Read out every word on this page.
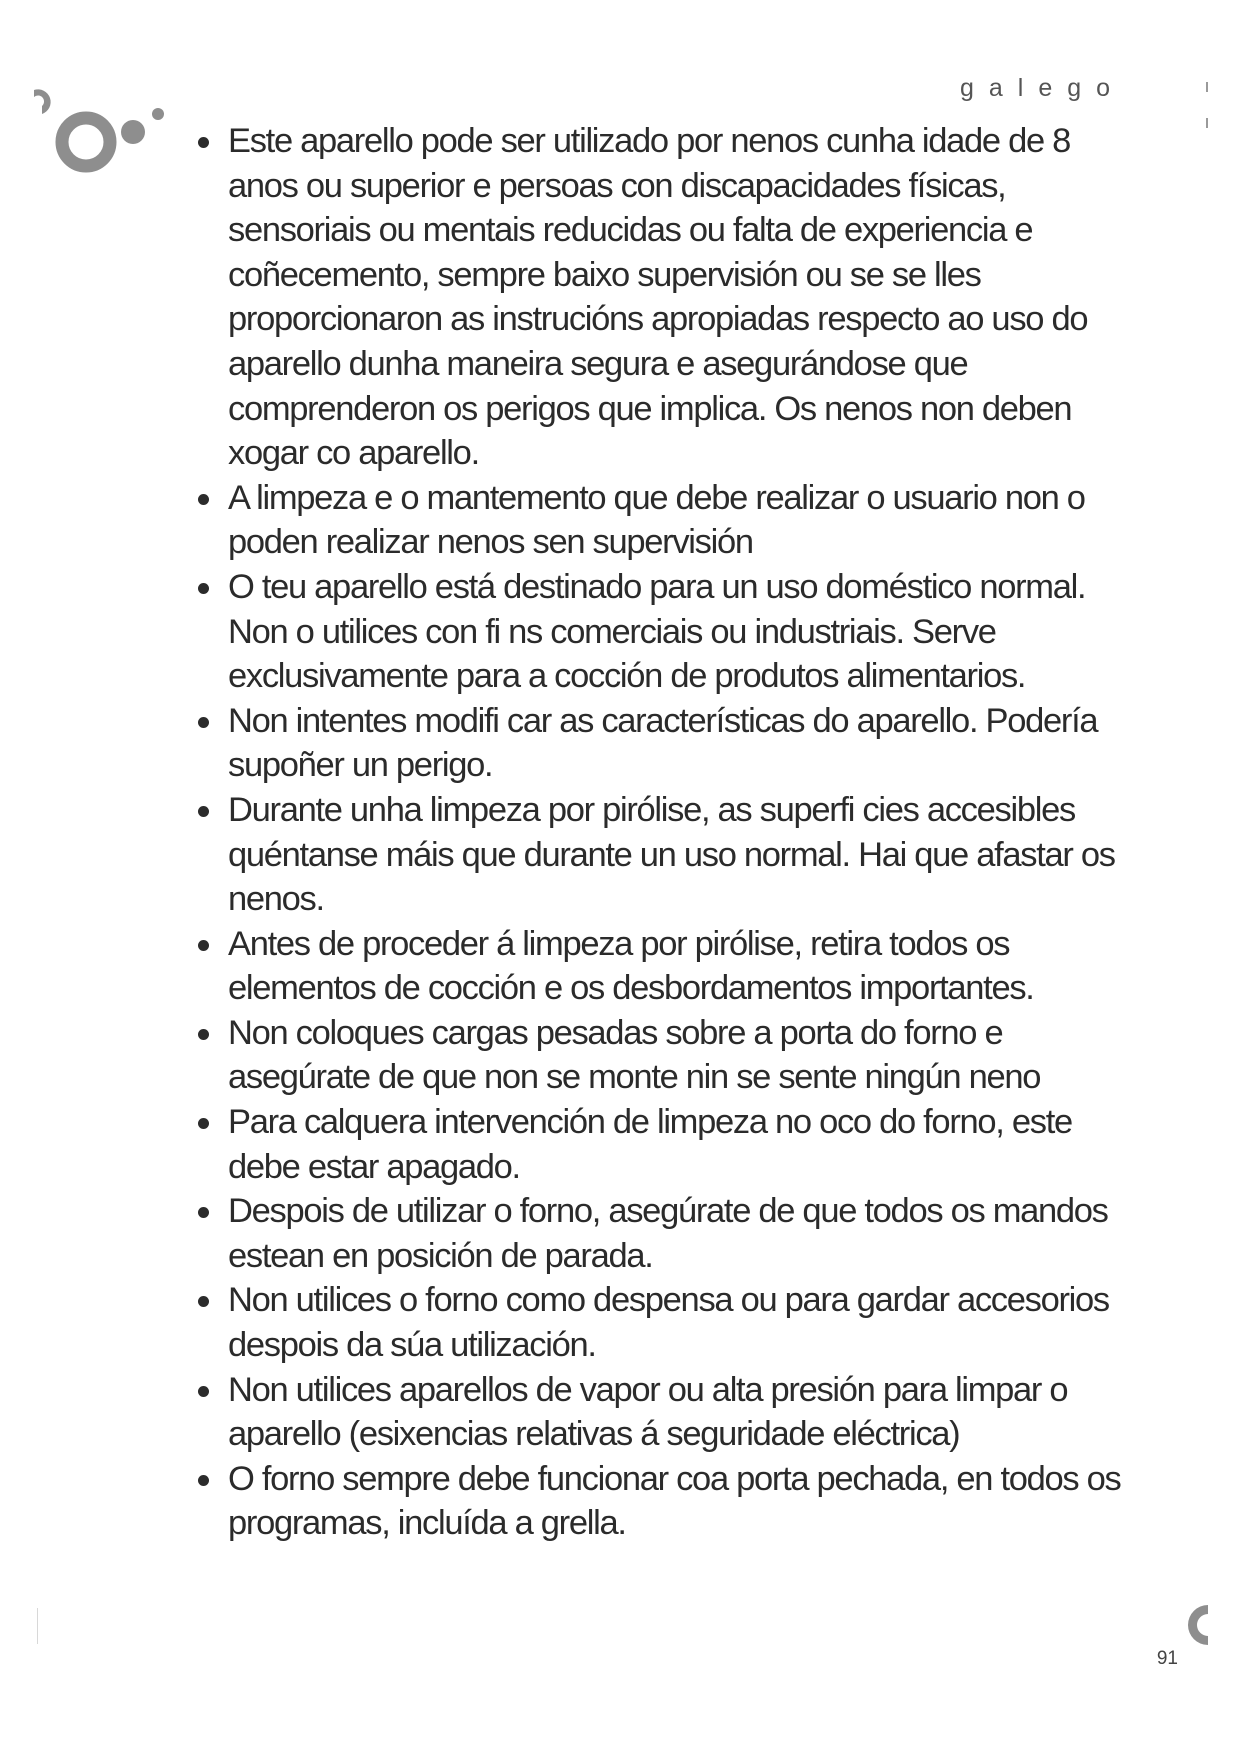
galego
Este aparello pode ser utilizado por nenos cunha idade de 8 anos ou superior e persoas con discapacidades físicas, sensoriais ou mentais reducidas ou falta de experiencia e coñecemento, sempre baixo supervisión ou se se lles proporcionaron as instrucións apropiadas respecto ao uso do aparello dunha maneira segura e asegurándose que comprenderon os perigos que implica. Os nenos non deben xogar co aparello.
A limpeza e o mantemento que debe realizar o usuario non o poden realizar nenos sen supervisión
O teu aparello está destinado para un uso doméstico normal. Non o utilices con fi ns comerciais ou industriais. Serve exclusivamente para a cocción de produtos alimentarios.
Non intentes modifi car as características do aparello. Podería supoñer un perigo.
Durante unha limpeza por pirólise, as superfi cies accesibles quéntanse máis que durante un uso normal. Hai que afastar os nenos.
Antes de proceder á limpeza por pirólise, retira todos os elementos de cocción e os desbordamentos importantes.
Non coloques cargas pesadas sobre a porta do forno e asegúrate de que non se monte nin se sente ningún neno
Para calquera intervención de limpeza no oco do forno, este debe estar apagado.
Despois de utilizar o forno, asegúrate de que todos os mandos estean en posición de parada.
Non utilices o forno como despensa ou para gardar accesorios despois da súa utilización.
Non utilices aparellos de vapor ou alta presión para limpar o aparello (esixencias relativas á seguridade eléctrica)
O forno sempre debe funcionar coa porta pechada, en todos os programas, incluída a grella.
91
